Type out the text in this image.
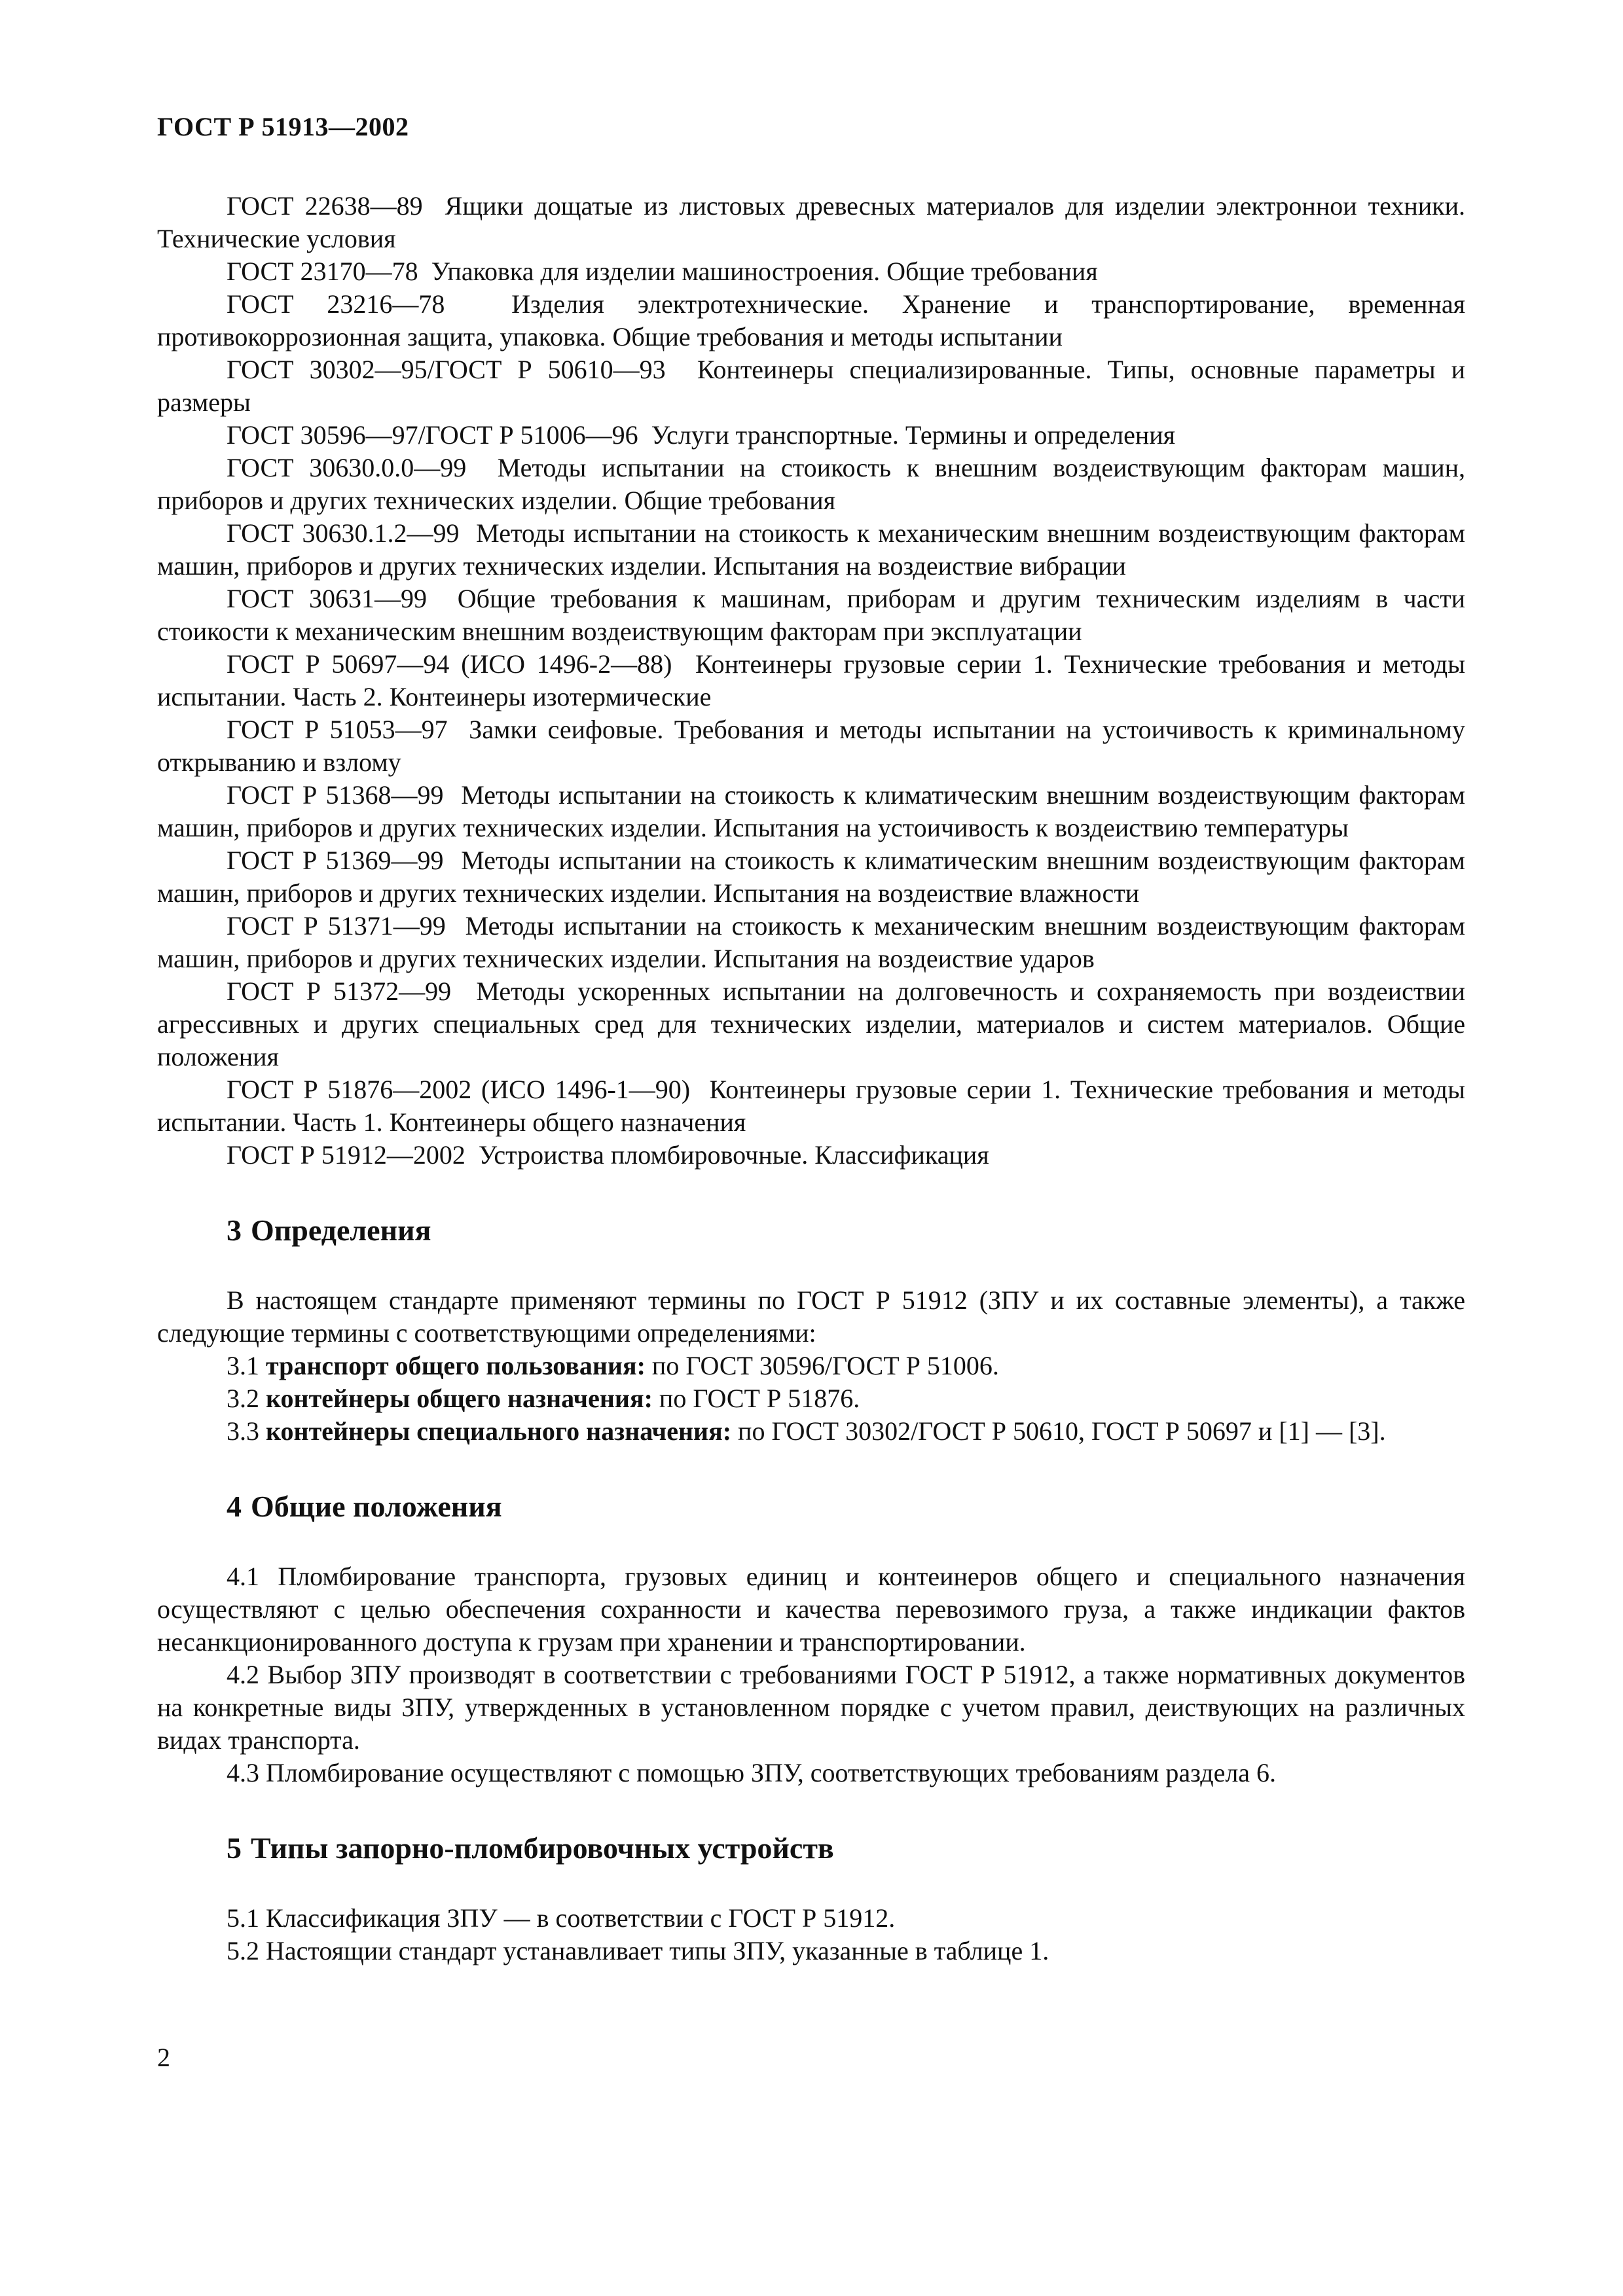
ГОСТ Р 51913—2002

ГОСТ 22638—89 Ящики дощатые из листовых древесных материалов для изделии электроннои техники. Технические условия

ГОСТ 23170—78 Упаковка для изделии машиностроения. Общие требования

ГОСТ 23216—78	Изделия электротехнические. Хранение и транспортирование, временная противокоррозионная защита, упаковка. Общие требования и методы испытании

ГОСТ 30302—95/ГОСТ Р 50610—93 Контеинеры специализированные. Типы, основные параметры и размеры

ГОСТ 30596—97/ГОСТ Р 51006—96 Услуги транспортные. Термины и определения

ГОСТ 30630.0.0—99 Методы испытании на стоикость к внешним воздеиствующим факторам машин, приборов и других технических изделии. Общие требования

ГОСТ 30630.1.2—99 Методы испытании на стоикость к механическим внешним воздеиствующим факторам машин, приборов и других технических изделии. Испытания на воздеиствие вибрации

ГОСТ 30631—99 Общие требования к машинам, приборам и другим техническим изделиям в части стоикости к механическим внешним воздеиствующим факторам при эксплуатации

ГОСТ Р 50697—94 (ИСО 1496-2—88) Контеинеры грузовые серии 1. Технические требования и методы испытании. Часть 2. Контеинеры изотермические

ГОСТ Р 51053—97 Замки сеифовые. Требования и методы испытании на устоичивость к криминальному открыванию и взлому

ГОСТ Р 51368—99 Методы испытании на стоикость к климатическим внешним воздеиствующим факторам машин, приборов и других технических изделии. Испытания на устоичивость к воздеиствию температуры

ГОСТ Р 51369—99 Методы испытании на стоикость к климатическим внешним воздеиствующим факторам машин, приборов и других технических изделии. Испытания на воздеиствие влажности

ГОСТ Р 51371—99 Методы испытании на стоикость к механическим внешним воздеиствующим факторам машин, приборов и других технических изделии. Испытания на воздеиствие ударов

ГОСТ Р 51372—99 Методы ускоренных испытании на долговечность и сохраняемость при воздеиствии агрессивных и других специальных сред для технических изделии, материалов и систем материалов. Общие положения

ГОСТ Р 51876—2002 (ИСО 1496-1—90) Контеинеры грузовые серии 1. Технические требования и методы испытании. Часть 1. Контеинеры общего назначения

ГОСТ Р 51912—2002 Устроиства пломбировочные. Классификация

3 Определения

В настоящем стандарте применяют термины по ГОСТ Р 51912 (ЗПУ и их составные элементы), а также следующие термины с соответствующими определениями:

3.1 транспорт общего пользования: по ГОСТ 30596/ГОСТ Р 51006.

3.2 контейнеры общего назначения: по ГОСТ Р 51876.

3.3 контейнеры специального назначения: по ГОСТ 30302/ГОСТ Р 50610, ГОСТ Р 50697 и [1] — [3].

4 Общие положения

4.1 Пломбирование транспорта, грузовых единиц и контеинеров общего и специального назначения осуществляют с целью обеспечения сохранности и качества перевозимого груза, а также индикации фактов несанкционированного доступа к грузам при хранении и транспортировании.

4.2 Выбор ЗПУ производят в соответствии с требованиями ГОСТ Р 51912, а также нормативных документов на конкретные виды ЗПУ, утвержденных в установленном порядке с учетом правил, деиствующих на различных видах транспорта.

4.3 Пломбирование осуществляют с помощью ЗПУ, соответствующих требованиям раздела 6.

5 Типы запорно-пломбировочных устройств

5.1 Классификация ЗПУ — в соответствии с ГОСТ Р 51912.

5.2 Настоящии стандарт устанавливает типы ЗПУ, указанные в таблице 1.

2
